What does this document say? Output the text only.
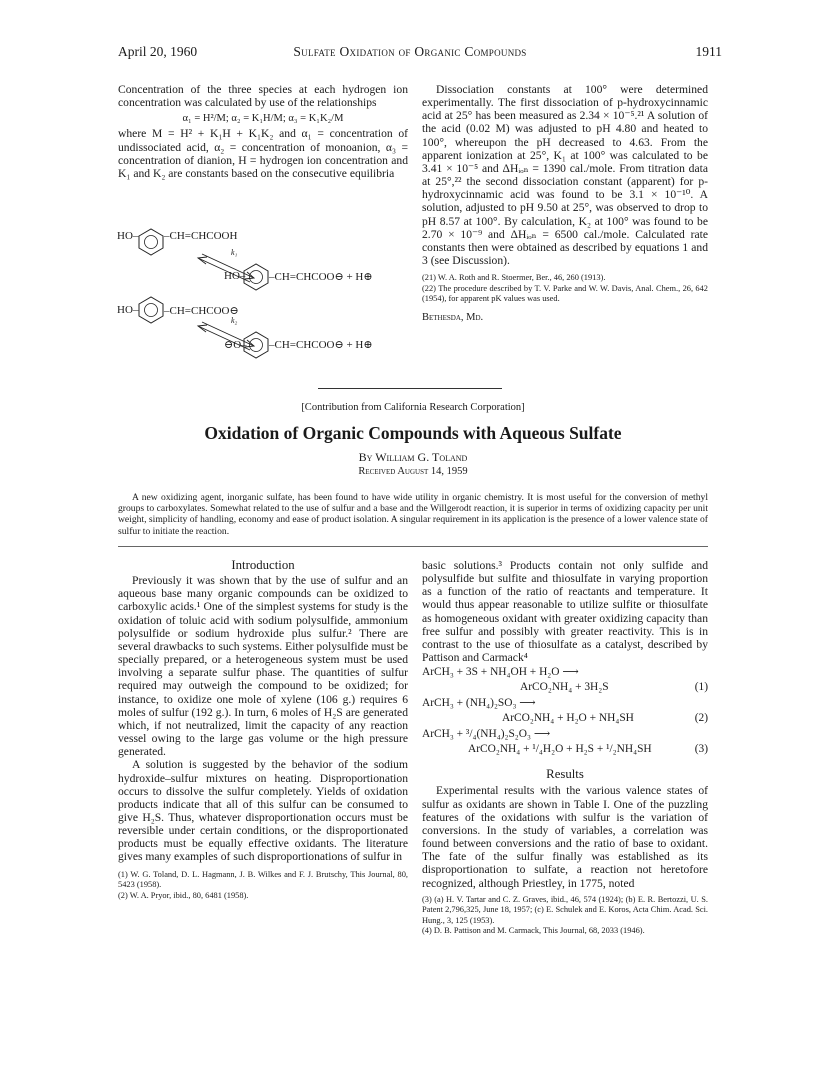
April 20, 1960	Sulfate Oxidation of Organic Compounds	1911

Concentration of the three species at each hydrogen ion concentration was calculated by use of the relationships

α₁ = H²/M; α₂ = K₁H/M; α₃ = K₁K₂/M

where M = H² + K₁H + K₁K₂ and α₁ = concentration of undissociated acid, α₂ = concentration of monoanion, α₃ = concentration of dianion, H = hydrogen ion concentration and K₁ and K₂ are constants based on the consecutive equilibria

HO– –CH=CHCOOH
k₁
HO– –CH=CHCOO⊖ + H⊕
HO– –CH=CHCOO⊖
k₂
⊖O– –CH=CHCOO⊖ + H⊕

Dissociation constants at 100° were determined experimentally. The first dissociation of p-hydroxycinnamic acid at 25° has been measured as 2.34 × 10⁻⁵.²¹ A solution of the acid (0.02 M) was adjusted to pH 4.80 and heated to 100°, whereupon the pH decreased to 4.63. From the apparent ionization at 25°, K₁ at 100° was calculated to be 3.41 × 10⁻⁵ and ΔHᵢₒₙ = 1390 cal./mole. From titration data at 25°,²² the second dissociation constant (apparent) for p-hydroxycinnamic acid was found to be 3.1 × 10⁻¹⁰. A solution, adjusted to pH 9.50 at 25°, was observed to drop to pH 8.57 at 100°. By calculation, K₂ at 100° was found to be 2.70 × 10⁻⁹ and ΔHᵢₒₙ = 6500 cal./mole. Calculated rate constants then were obtained as described by equations 1 and 3 (see Discussion).

(21) W. A. Roth and R. Stoermer, Ber., 46, 260 (1913).

(22) The procedure described by T. V. Parke and W. W. Davis, Anal. Chem., 26, 642 (1954), for apparent pK values was used.

Bethesda, Md.

[Contribution from California Research Corporation]
Oxidation of Organic Compounds with Aqueous Sulfate
By William G. Toland
Received August 14, 1959
A new oxidizing agent, inorganic sulfate, has been found to have wide utility in organic chemistry. It is most useful for the conversion of methyl groups to carboxylates. Somewhat related to the use of sulfur and a base and the Willgerodt reaction, it is superior in terms of oxidizing capacity per unit weight, simplicity of handling, economy and ease of product isolation. A singular requirement in its application is the presence of a lower valence state of sulfur to initiate the reaction.

Introduction

Previously it was shown that by the use of sulfur and an aqueous base many organic compounds can be oxidized to carboxylic acids.¹ One of the simplest systems for study is the oxidation of toluic acid with sodium polysulfide, ammonium polysulfide or sodium hydroxide plus sulfur.² There are several drawbacks to such systems. Either polysulfide must be specially prepared, or a heterogeneous system must be used involving a separate sulfur phase. The quantities of sulfur required may outweigh the compound to be oxidized; for instance, to oxidize one mole of xylene (106 g.) requires 6 moles of sulfur (192 g.). In turn, 6 moles of H₂S are generated which, if not neutralized, limit the capacity of any reaction vessel owing to the large gas volume or the high pressure generated.

A solution is suggested by the behavior of the sodium hydroxide–sulfur mixtures on heating. Disproportionation occurs to dissolve the sulfur completely. Yields of oxidation products indicate that all of this sulfur can be consumed to give H₂S. Thus, whatever disproportionation occurs must be reversible under certain conditions, or the disproportionated products must be equally effective oxidants. The literature gives many examples of such disproportionations of sulfur in

(1) W. G. Toland, D. L. Hagmann, J. B. Wilkes and F. J. Brutschy, This Journal, 80, 5423 (1958).

(2) W. A. Pryor, ibid., 80, 6481 (1958).

basic solutions.³ Products contain not only sulfide and polysulfide but sulfite and thiosulfate in varying proportion as a function of the ratio of reactants and temperature. It would thus appear reasonable to utilize sulfite or thiosulfate as homogeneous oxidant with greater oxidizing capacity than free sulfur and possibly with greater reactivity. This is in contrast to the use of thiosulfate as a catalyst, described by Pattison and Carmack⁴

ArCH₃ + 3S + NH₄OH + H₂O ⟶
ArCO₂NH₄ + 3H₂S	(1)
ArCH₃ + (NH₄)₂SO₃ ⟶
ArCO₂NH₄ + H₂O + NH₄SH	(2)
ArCH₃ + ³/₄(NH₄)₂S₂O₃ ⟶
ArCO₂NH₄ + ¹/₄H₂O + H₂S + ¹/₂NH₄SH	(3)

Results

Experimental results with the various valence states of sulfur as oxidants are shown in Table I. One of the puzzling features of the oxidations with sulfur is the variation of conversions. In the study of variables, a correlation was found between conversions and the ratio of base to oxidant. The fate of the sulfur finally was established as its disproportionation to sulfate, a reaction not heretofore recognized, although Priestley, in 1775, noted

(3) (a) H. V. Tartar and C. Z. Graves, ibid., 46, 574 (1924); (b) E. R. Bertozzi, U. S. Patent 2,796,325, June 18, 1957; (c) E. Schulek and E. Koros, Acta Chim. Acad. Sci. Hung., 3, 125 (1953).

(4) D. B. Pattison and M. Carmack, This Journal, 68, 2033 (1946).
